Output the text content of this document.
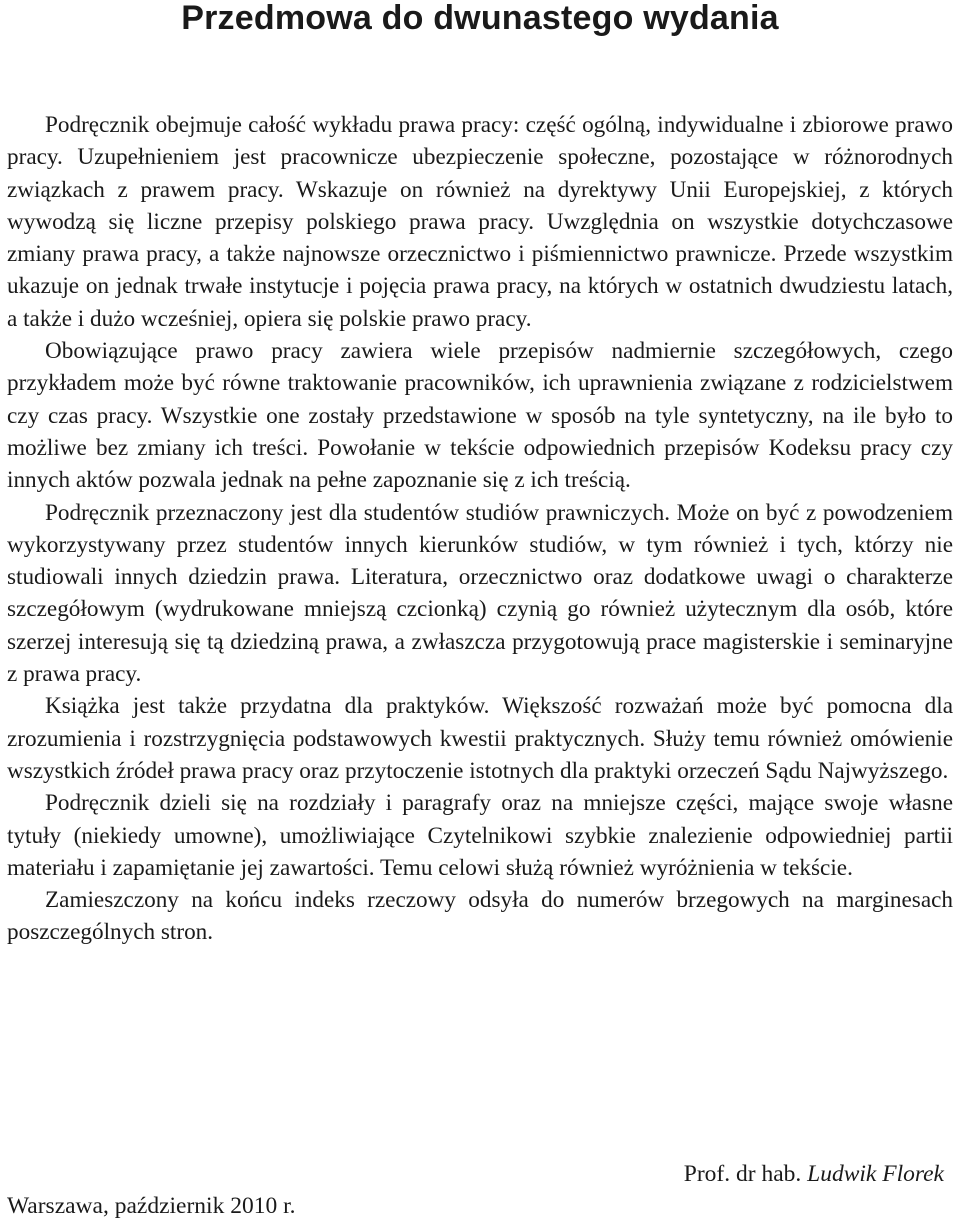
Przedmowa do dwunastego wydania

Podręcznik obejmuje całość wykładu prawa pracy: część ogólną, indywidualne i zbiorowe prawo pracy. Uzupełnieniem jest pracownicze ubezpieczenie społeczne, pozostające w różnorodnych związkach z prawem pracy. Wskazuje on również na dyrektywy Unii Europejskiej, z których wywodzą się liczne przepisy polskiego prawa pracy. Uwzględnia on wszystkie dotychczasowe zmiany prawa pracy, a także najnowsze orzecznictwo i piśmiennictwo prawnicze. Przede wszystkim ukazuje on jednak trwałe instytucje i pojęcia prawa pracy, na których w ostatnich dwudziestu latach, a także i dużo wcześniej, opiera się polskie prawo pracy.

Obowiązujące prawo pracy zawiera wiele przepisów nadmiernie szczegółowych, czego przykładem może być równe traktowanie pracowników, ich uprawnienia związane z rodzicielstwem czy czas pracy. Wszystkie one zostały przedstawione w sposób na tyle syntetyczny, na ile było to możliwe bez zmiany ich treści. Powołanie w tekście odpowiednich przepisów Kodeksu pracy czy innych aktów pozwala jednak na pełne zapoznanie się z ich treścią.

Podręcznik przeznaczony jest dla studentów studiów prawniczych. Może on być z powodzeniem wykorzystywany przez studentów innych kierunków studiów, w tym również i tych, którzy nie studiowali innych dziedzin prawa. Literatura, orzecznictwo oraz dodatkowe uwagi o charakterze szczegółowym (wydrukowane mniejszą czcionką) czynią go również użytecznym dla osób, które szerzej interesują się tą dziedziną prawa, a zwłaszcza przygotowują prace magisterskie i seminaryjne z prawa pracy.

Książka jest także przydatna dla praktyków. Większość rozważań może być pomocna dla zrozumienia i rozstrzygnięcia podstawowych kwestii praktycznych. Służy temu również omówienie wszystkich źródeł prawa pracy oraz przytoczenie istotnych dla praktyki orzeczeń Sądu Najwyższego.

Podręcznik dzieli się na rozdziały i paragrafy oraz na mniejsze części, mające swoje własne tytuły (niekiedy umowne), umożliwiające Czytelnikowi szybkie znalezienie odpowiedniej partii materiału i zapamiętanie jej zawartości. Temu celowi służą również wyróżnienia w tekście.

Zamieszczony na końcu indeks rzeczowy odsyła do numerów brzegowych na marginesach poszczególnych stron.

Prof. dr hab. Ludwik Florek
Warszawa, październik 2010 r.
